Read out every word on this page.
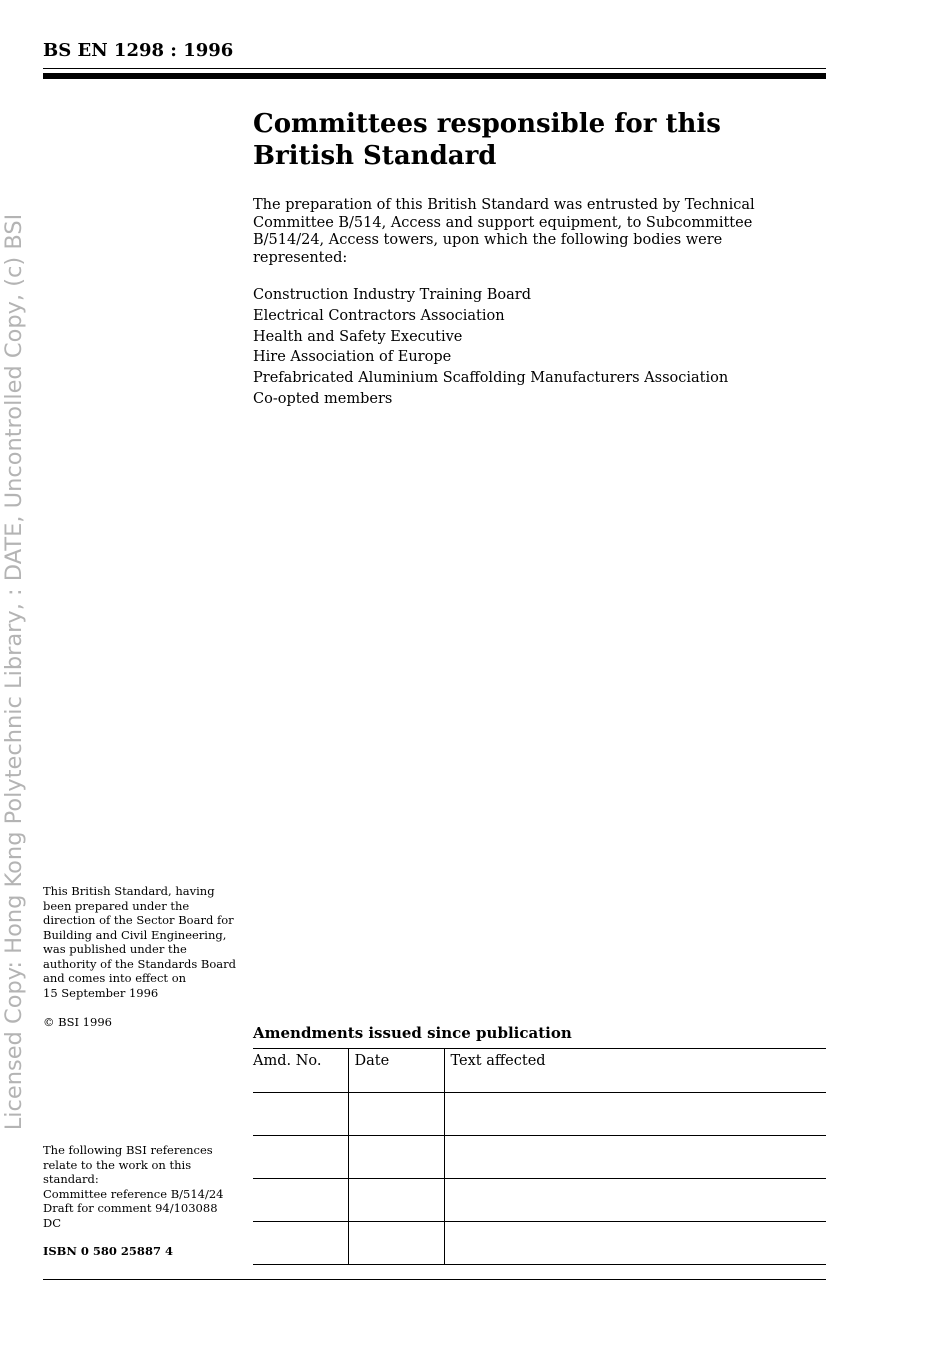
BS EN 1298 : 1996

Licensed Copy: Hong Kong Polytechnic Library, : DATE, Uncontrolled Copy, (c) BSI

Committees responsible for this
British Standard

The preparation of this British Standard was entrusted by Technical Committee B/514, Access and support equipment, to Subcommittee B/514/24, Access towers, upon which the following bodies were represented:

Construction Industry Training Board
Electrical Contractors Association
Health and Safety Executive
Hire Association of Europe
Prefabricated Aluminium Scaffolding Manufacturers Association
Co-opted members

This British Standard, having
been prepared under the
direction of the Sector Board for
Building and Civil Engineering,
was published under the
authority of the Standards Board
and comes into effect on
15 September 1996

© BSI 1996

The following BSI references
relate to the work on this
standard:
Committee reference B/514/24
Draft for comment 94/103088 DC

ISBN 0 580 25887 4

Amendments issued since publication
Amd. No.	Date	Text affected
